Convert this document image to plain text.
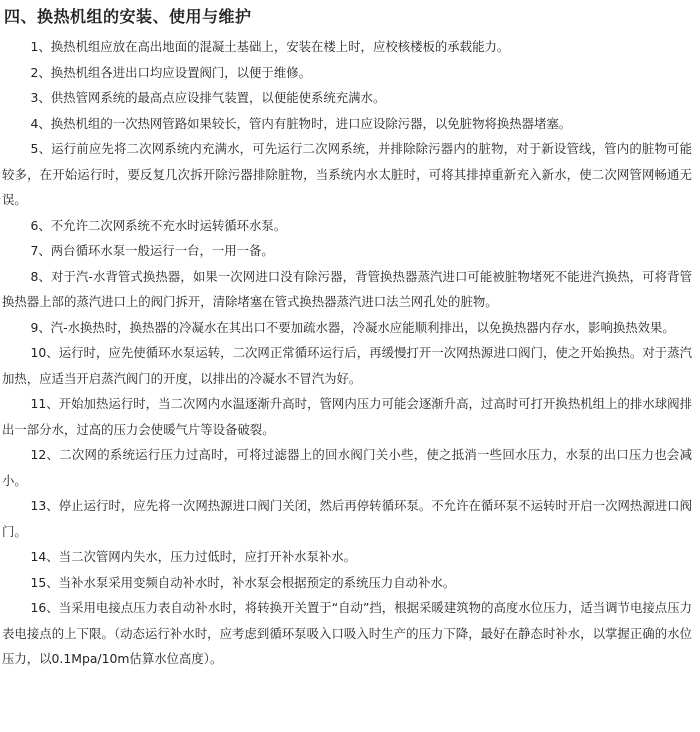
四、换热机组的安装、使用与维护

1、换热机组应放在高出地面的混凝土基础上，安装在楼上时，应校核楼板的承载能力。

2、换热机组各进出口均应设置阀门，以便于维修。

3、供热管网系统的最高点应设排气装置，以便能使系统充满水。

4、换热机组的一次热网管路如果较长，管内有脏物时，进口应设除污器，以免脏物将换热器堵塞。

5、运行前应先将二次网系统内充满水，可先运行二次网系统，并排除除污器内的脏物，对于新设管线，管内的脏物可能较多，在开始运行时，要反复几次拆开除污器排除脏物，当系统内水太脏时，可将其排掉重新充入新水，使二次网管网畅通无误。

6、不允许二次网系统不充水时运转循环水泵。

7、两台循环水泵一般运行一台，一用一备。

8、对于汽-水背管式换热器，如果一次网进口没有除污器，背管换热器蒸汽进口可能被脏物堵死不能进汽换热，可将背管换热器上部的蒸汽进口上的阀门拆开，清除堵塞在管式换热器蒸汽进口法兰网孔处的脏物。

9、汽-水换热时，换热器的冷凝水在其出口不要加疏水器，冷凝水应能顺利排出，以免换热器内存水，影响换热效果。

10、运行时，应先使循环水泵运转，二次网正常循环运行后，再缓慢打开一次网热源进口阀门，使之开始换热。对于蒸汽加热，应适当开启蒸汽阀门的开度，以排出的冷凝水不冒汽为好。

11、开始加热运行时，当二次网内水温逐渐升高时，管网内压力可能会逐渐升高，过高时可打开换热机组上的排水球阀排出一部分水，过高的压力会使暖气片等设备破裂。

12、二次网的系统运行压力过高时，可将过滤器上的回水阀门关小些，使之抵消一些回水压力，水泵的出口压力也会减小。

13、停止运行时，应先将一次网热源进口阀门关闭，然后再停转循环泵。不允许在循环泵不运转时开启一次网热源进口阀门。

14、当二次管网内失水，压力过低时，应打开补水泵补水。

15、当补水泵采用变频自动补水时，补水泵会根据预定的系统压力自动补水。

16、当采用电接点压力表自动补水时，将转换开关置于“自动”挡，根据采暖建筑物的高度水位压力，适当调节电接点压力表电接点的上下限。（动态运行补水时，应考虑到循环泵吸入口吸入时生产的压力下降，最好在静态时补水，以掌握正确的水位压力，以0.1Mpa/10m估算水位高度）。
